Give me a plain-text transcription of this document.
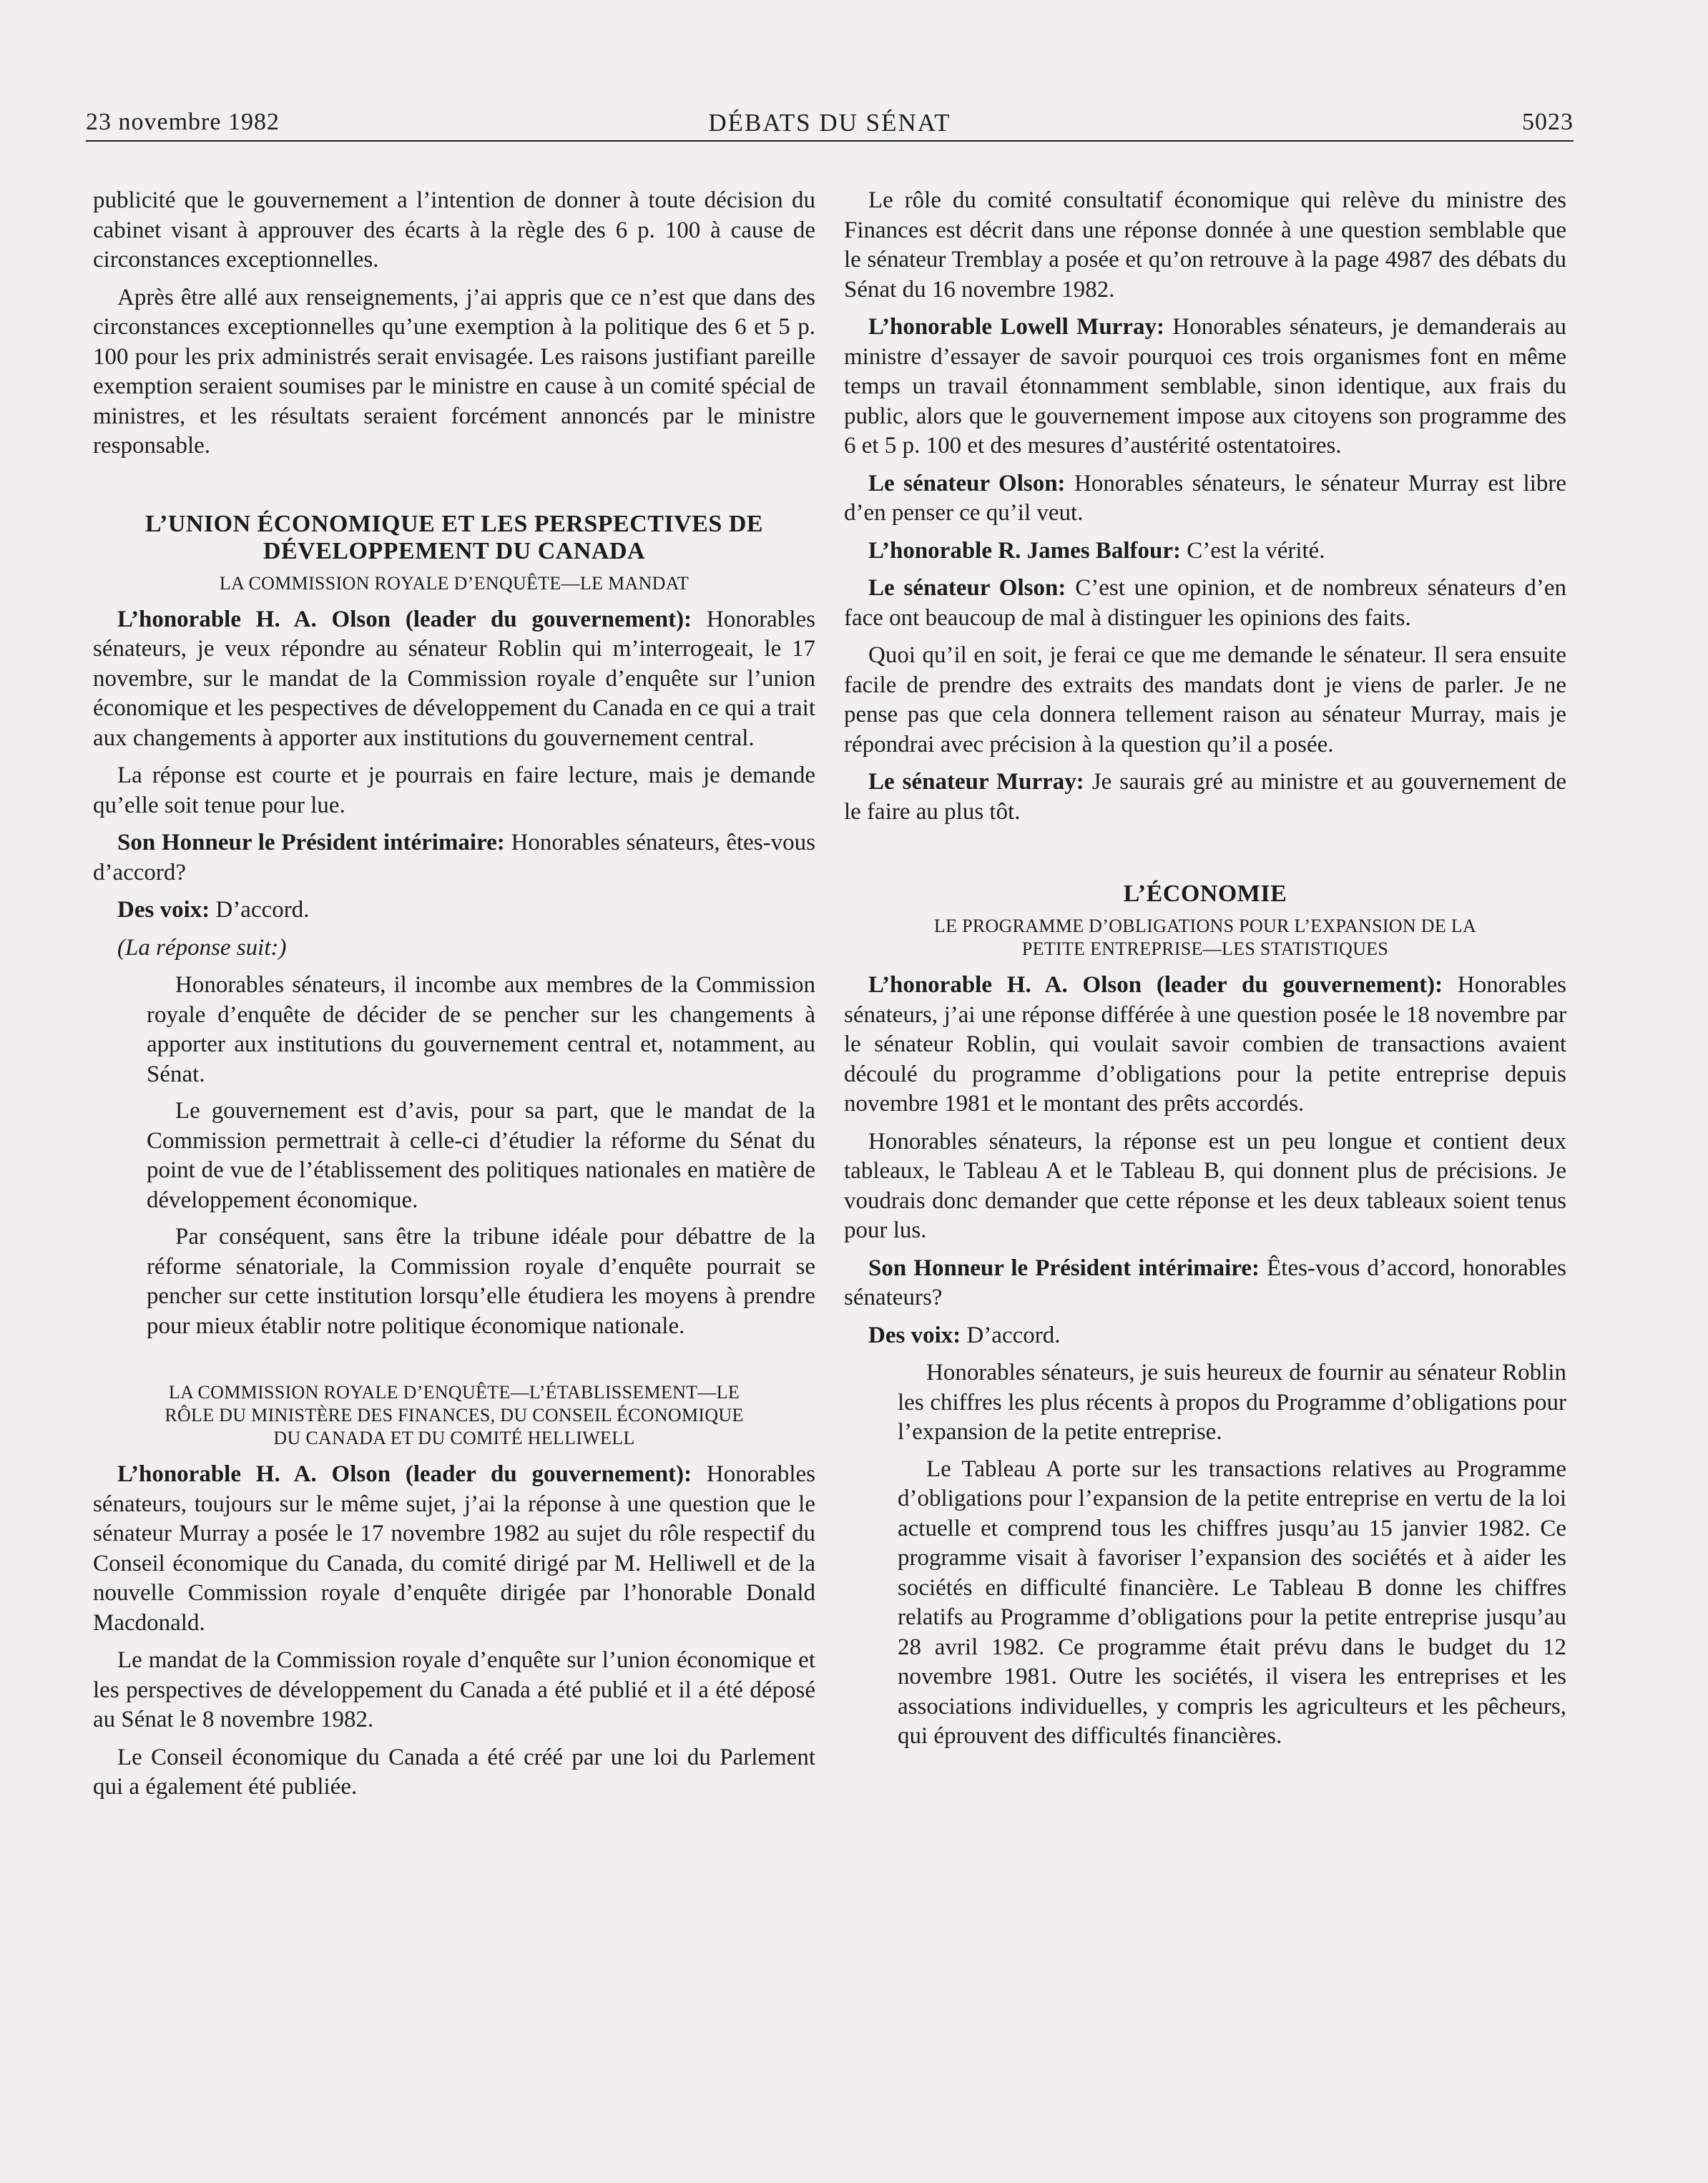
23 novembre 1982	DÉBATS DU SÉNAT	5023

publicité que le gouvernement a l’intention de donner à toute décision du cabinet visant à approuver des écarts à la règle des 6 p. 100 à cause de circonstances exceptionnelles.

Après être allé aux renseignements, j’ai appris que ce n’est que dans des circonstances exceptionnelles qu’une exemption à la politique des 6 et 5 p. 100 pour les prix administrés serait envisagée. Les raisons justifiant pareille exemption seraient soumises par le ministre en cause à un comité spécial de ministres, et les résultats seraient forcément annoncés par le ministre responsable.

L’UNION ÉCONOMIQUE ET LES PERSPECTIVES DE
DÉVELOPPEMENT DU CANADA
LA COMMISSION ROYALE D’ENQUÊTE—LE MANDAT

L’honorable H. A. Olson (leader du gouvernement): Honorables sénateurs, je veux répondre au sénateur Roblin qui m’interrogeait, le 17 novembre, sur le mandat de la Commission royale d’enquête sur l’union économique et les pespectives de développement du Canada en ce qui a trait aux changements à apporter aux institutions du gouvernement central.

La réponse est courte et je pourrais en faire lecture, mais je demande qu’elle soit tenue pour lue.

Son Honneur le Président intérimaire: Honorables sénateurs, êtes-vous d’accord?

Des voix: D’accord.

(La réponse suit:)

Honorables sénateurs, il incombe aux membres de la Commission royale d’enquête de décider de se pencher sur les changements à apporter aux institutions du gouvernement central et, notamment, au Sénat.

Le gouvernement est d’avis, pour sa part, que le mandat de la Commission permettrait à celle-ci d’étudier la réforme du Sénat du point de vue de l’établissement des politiques nationales en matière de développement économique.

Par conséquent, sans être la tribune idéale pour débattre de la réforme sénatoriale, la Commission royale d’enquête pourrait se pencher sur cette institution lorsqu’elle étudiera les moyens à prendre pour mieux établir notre politique économique nationale.

LA COMMISSION ROYALE D’ENQUÊTE—L’ÉTABLISSEMENT—LE
RÔLE DU MINISTÈRE DES FINANCES, DU CONSEIL ÉCONOMIQUE
DU CANADA ET DU COMITÉ HELLIWELL

L’honorable H. A. Olson (leader du gouvernement): Honorables sénateurs, toujours sur le même sujet, j’ai la réponse à une question que le sénateur Murray a posée le 17 novembre 1982 au sujet du rôle respectif du Conseil économique du Canada, du comité dirigé par M. Helliwell et de la nouvelle Commission royale d’enquête dirigée par l’honorable Donald Macdonald.

Le mandat de la Commission royale d’enquête sur l’union économique et les perspectives de développement du Canada a été publié et il a été déposé au Sénat le 8 novembre 1982.

Le Conseil économique du Canada a été créé par une loi du Parlement qui a également été publiée.

Le rôle du comité consultatif économique qui relève du ministre des Finances est décrit dans une réponse donnée à une question semblable que le sénateur Tremblay a posée et qu’on retrouve à la page 4987 des débats du Sénat du 16 novembre 1982.

L’honorable Lowell Murray: Honorables sénateurs, je demanderais au ministre d’essayer de savoir pourquoi ces trois organismes font en même temps un travail étonnamment semblable, sinon identique, aux frais du public, alors que le gouvernement impose aux citoyens son programme des 6 et 5 p. 100 et des mesures d’austérité ostentatoires.

Le sénateur Olson: Honorables sénateurs, le sénateur Murray est libre d’en penser ce qu’il veut.

L’honorable R. James Balfour: C’est la vérité.

Le sénateur Olson: C’est une opinion, et de nombreux sénateurs d’en face ont beaucoup de mal à distinguer les opinions des faits.

Quoi qu’il en soit, je ferai ce que me demande le sénateur. Il sera ensuite facile de prendre des extraits des mandats dont je viens de parler. Je ne pense pas que cela donnera tellement raison au sénateur Murray, mais je répondrai avec précision à la question qu’il a posée.

Le sénateur Murray: Je saurais gré au ministre et au gouvernement de le faire au plus tôt.

L’ÉCONOMIE
LE PROGRAMME D’OBLIGATIONS POUR L’EXPANSION DE LA
PETITE ENTREPRISE—LES STATISTIQUES

L’honorable H. A. Olson (leader du gouvernement): Honorables sénateurs, j’ai une réponse différée à une question posée le 18 novembre par le sénateur Roblin, qui voulait savoir combien de transactions avaient découlé du programme d’obligations pour la petite entreprise depuis novembre 1981 et le montant des prêts accordés.

Honorables sénateurs, la réponse est un peu longue et contient deux tableaux, le Tableau A et le Tableau B, qui donnent plus de précisions. Je voudrais donc demander que cette réponse et les deux tableaux soient tenus pour lus.

Son Honneur le Président intérimaire: Êtes-vous d’accord, honorables sénateurs?

Des voix: D’accord.

Honorables sénateurs, je suis heureux de fournir au sénateur Roblin les chiffres les plus récents à propos du Programme d’obligations pour l’expansion de la petite entreprise.

Le Tableau A porte sur les transactions relatives au Programme d’obligations pour l’expansion de la petite entreprise en vertu de la loi actuelle et comprend tous les chiffres jusqu’au 15 janvier 1982. Ce programme visait à favoriser l’expansion des sociétés et à aider les sociétés en difficulté financière. Le Tableau B donne les chiffres relatifs au Programme d’obligations pour la petite entreprise jusqu’au 28 avril 1982. Ce programme était prévu dans le budget du 12 novembre 1981. Outre les sociétés, il visera les entreprises et les associations individuelles, y compris les agriculteurs et les pêcheurs, qui éprouvent des difficultés financières.
